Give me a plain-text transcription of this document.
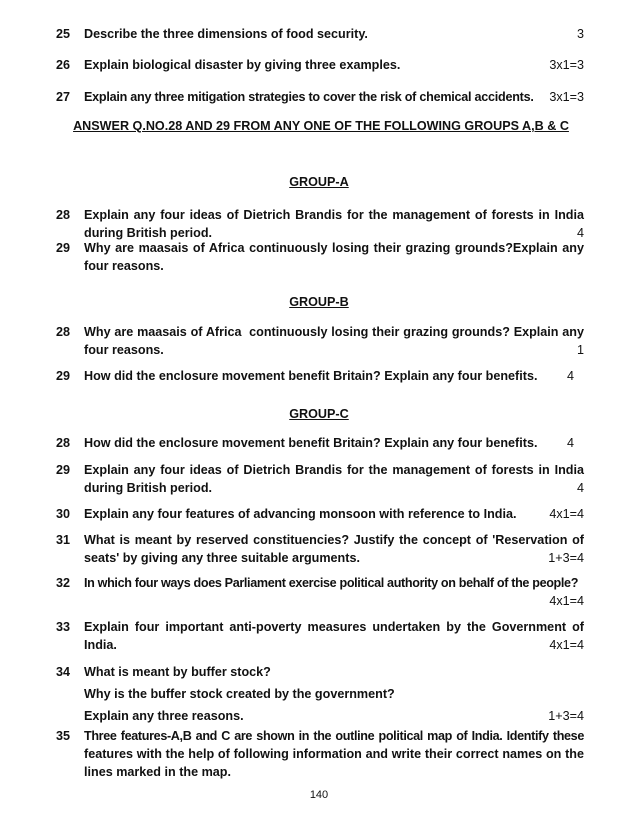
25	Describe the three dimensions of food security.	3
26	Explain biological disaster by giving three examples.	3x1=3
27	Explain any three mitigation strategies to cover the risk of chemical accidents. 3x1=3
ANSWER Q.NO.28 AND 29 FROM ANY ONE OF THE FOLLOWING GROUPS A,B & C
GROUP-A
28	Explain any four ideas of Dietrich Brandis for the management of forests in India
during British period.	4
29	Why are maasais of Africa continuously losing their grazing grounds?Explain any
four reasons.
GROUP-B
28	Why are maasais of Africa  continuously losing their grazing grounds? Explain any
four reasons.	1
29	How did the enclosure movement benefit Britain? Explain any four benefits.	4
GROUP-C
28	How did the enclosure movement benefit Britain? Explain any four benefits.	4
29	Explain any four ideas of Dietrich Brandis for the management of forests in India
during British period.	4
30	Explain any four features of advancing monsoon with reference to India.	4x1=4
31	What is meant by reserved constituencies? Justify the concept of 'Reservation of
seats' by giving any three suitable arguments.	1+3=4
32	In which four ways does Parliament exercise political authority on behalf of the people?
4x1=4
33	Explain four important anti-poverty measures undertaken by the Government of
India.	4x1=4
34	What is meant by buffer stock?
Why is the buffer stock created by the government?
Explain any three reasons.	1+3=4
35	Three features-A,B and C are shown in the outline political map of India. Identify these
features with the help of following information and write their correct names on the
lines marked in the map.
140
